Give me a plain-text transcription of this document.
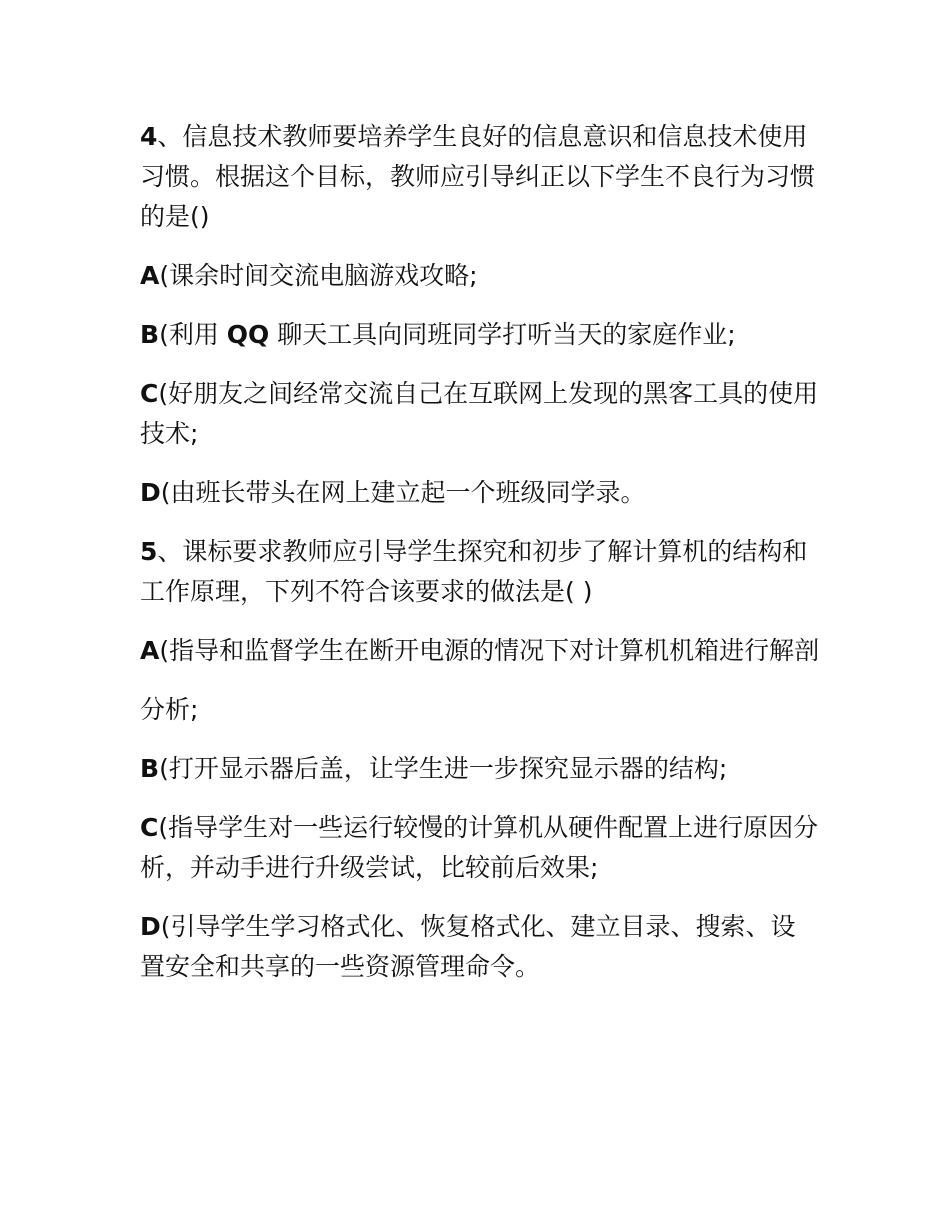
4、信息技术教师要培养学生良好的信息意识和信息技术使用习惯。根据这个目标，教师应引导纠正以下学生不良行为习惯的是()

A(课余时间交流电脑游戏攻略;

B(利用 QQ 聊天工具向同班同学打听当天的家庭作业;

C(好朋友之间经常交流自己在互联网上发现的黑客工具的使用技术;

D(由班长带头在网上建立起一个班级同学录。

5、课标要求教师应引导学生探究和初步了解计算机的结构和工作原理，下列不符合该要求的做法是( )

A(指导和监督学生在断开电源的情况下对计算机机箱进行解剖

分析;

B(打开显示器后盖，让学生进一步探究显示器的结构;

C(指导学生对一些运行较慢的计算机从硬件配置上进行原因分析，并动手进行升级尝试，比较前后效果;

D(引导学生学习格式化、恢复格式化、建立目录、搜索、设置安全和共享的一些资源管理命令。
